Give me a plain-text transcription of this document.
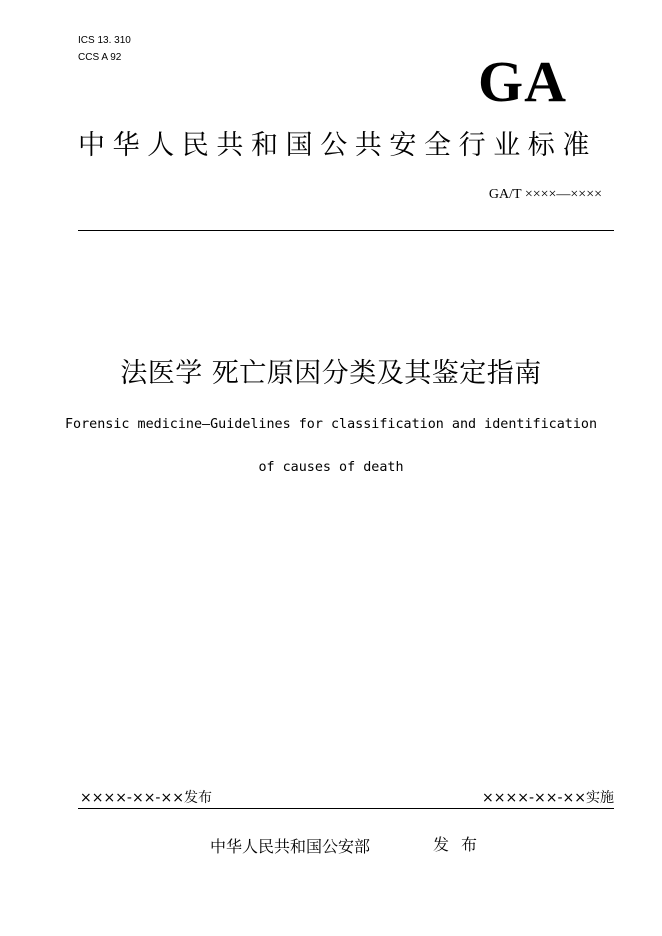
ICS 13. 310
CCS A 92	GA
中华人民共和国公共安全行业标准
GA/T ××××—××××
法医学 死亡原因分类及其鉴定指南
Forensic medicine—Guidelines for classification and identification
of causes of death
××××-××-××发布	××××-××-××实施
中华人民共和国公安部	发布
